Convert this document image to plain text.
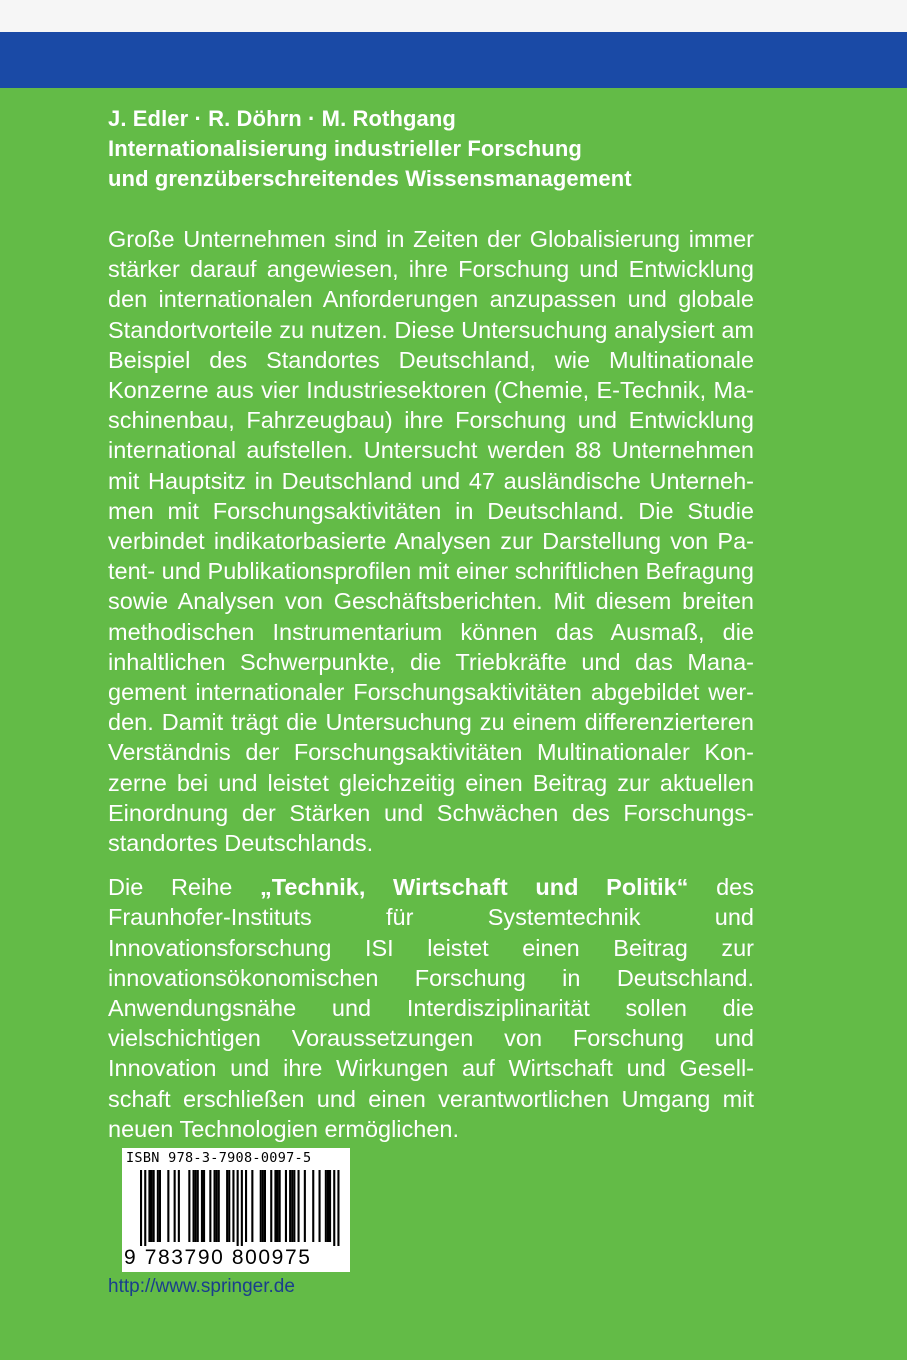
J. Edler · R. Döhrn · M. Rothgang

Internationalisierung industrieller Forschung

und grenzüberschreitendes Wissensmanagement

Große Unternehmen sind in Zeiten der Globalisierung immer stärker darauf angewiesen, ihre Forschung und Entwicklung den internationalen Anforderungen anzupassen und globale Standortvorteile zu nutzen. Diese Untersuchung analysiert am Beispiel des Standortes Deutschland, wie Multinationale Konzerne aus vier Industriesektoren (Chemie, E-Technik, Maschinenbau, Fahrzeugbau) ihre Forschung und Entwicklung international aufstellen. Untersucht werden 88 Unternehmen mit Hauptsitz in Deutschland und 47 ausländische Unternehmen mit Forschungsaktivitäten in Deutschland. Die Studie verbindet indikatorbasierte Analysen zur Darstellung von Patent- und Publikationsprofilen mit einer schriftlichen Befragung sowie Analysen von Geschäftsberichten. Mit diesem breiten methodischen Instrumentarium können das Ausmaß, die inhaltlichen Schwerpunkte, die Triebkräfte und das Management internationaler Forschungsaktivitäten abgebildet werden. Damit trägt die Untersuchung zu einem differenzierteren Verständnis der Forschungsaktivitäten Multinationaler Konzerne bei und leistet gleichzeitig einen Beitrag zur aktuellen Einordnung der Stärken und Schwächen des Forschungsstandortes Deutschlands.

Die Reihe „Technik, Wirtschaft und Politik“ des Fraunhofer-Instituts für Systemtechnik und Innovationsforschung ISI leistet einen Beitrag zur innovationsökonomischen Forschung in Deutschland. Anwendungsnähe und Interdisziplinarität sollen die vielschichtigen Voraussetzungen von Forschung und Innovation und ihre Wirkungen auf Wirtschaft und Gesellschaft erschließen und einen verantwortlichen Umgang mit neuen Technologien ermöglichen.

ISBN 978-3-7908-0097-5
9 783790 800975
http://www.springer.de
